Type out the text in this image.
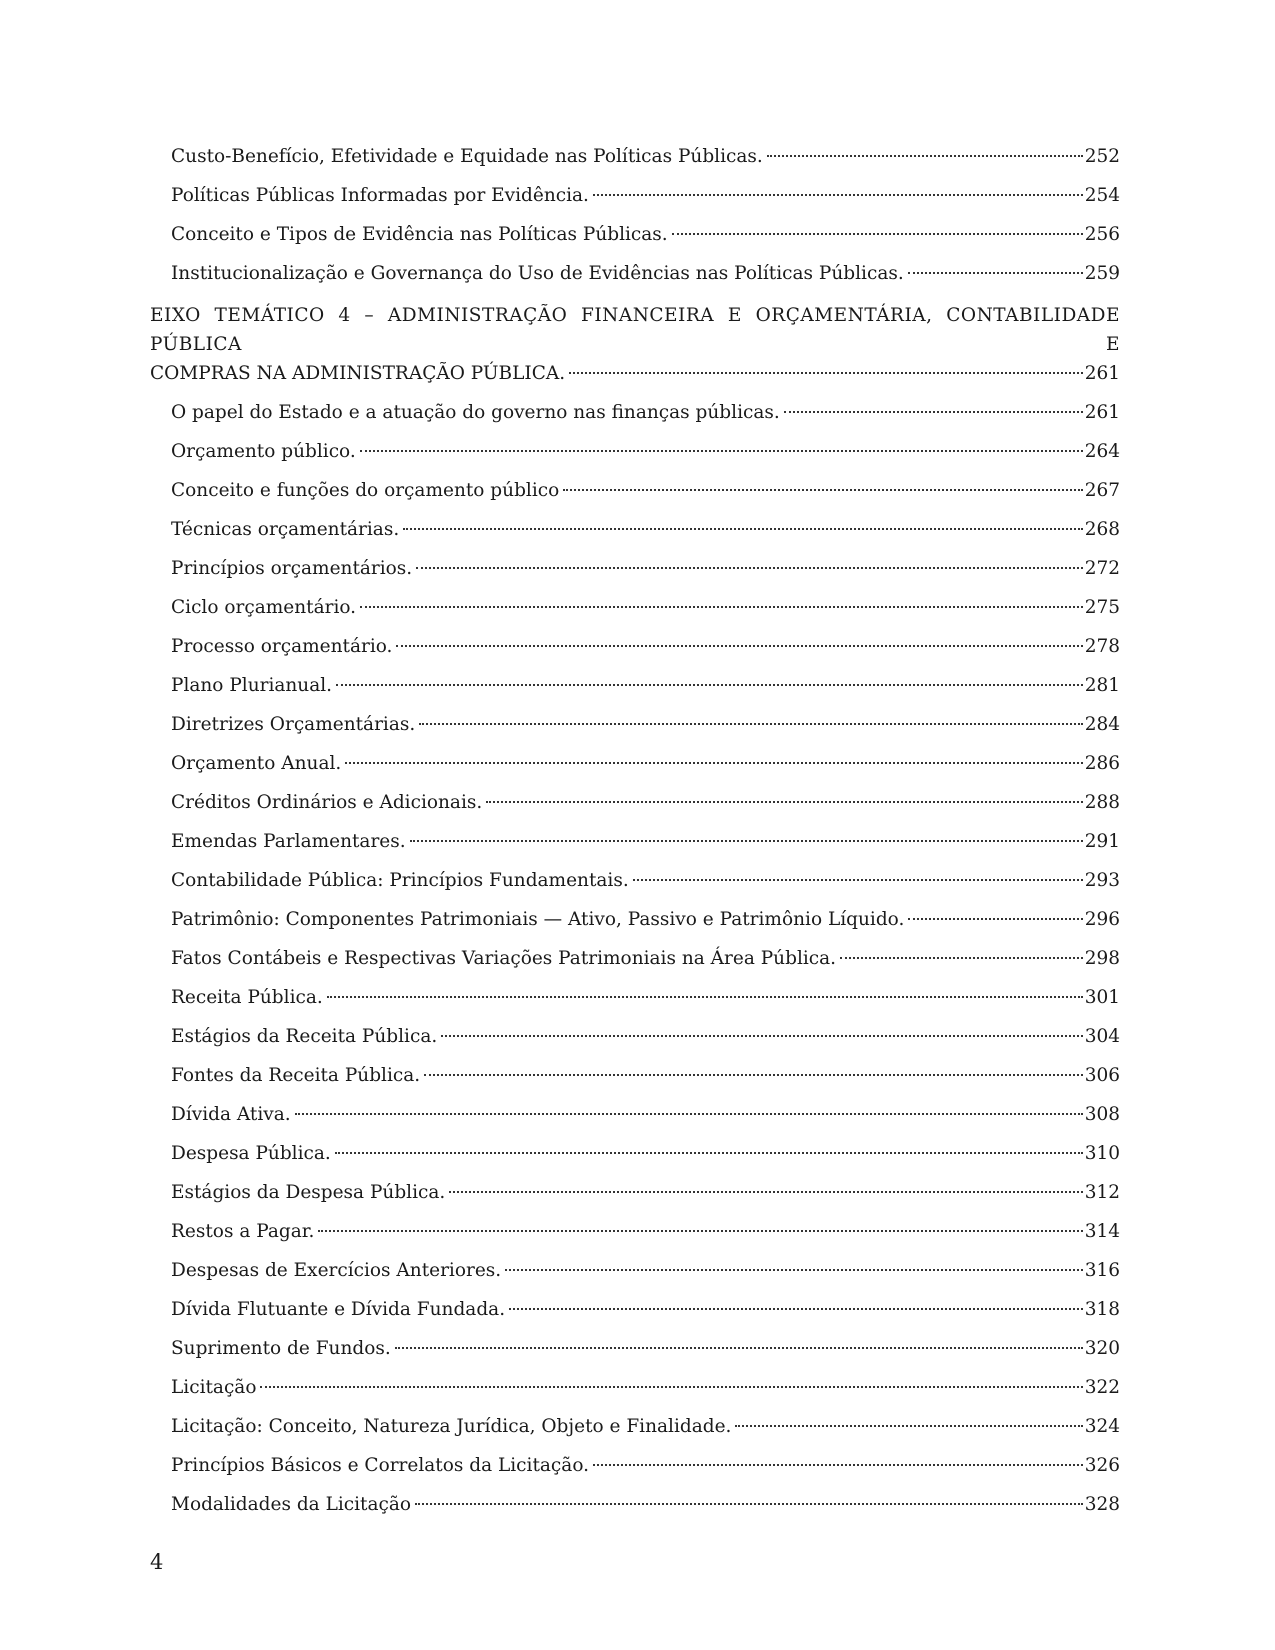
Custo-Benefício, Efetividade e Equidade nas Políticas Públicas.	252
Políticas Públicas Informadas por Evidência.	254
Conceito e Tipos de Evidência nas Políticas Públicas.	256
Institucionalização e Governança do Uso de Evidências nas Políticas Públicas.	259
EIXO TEMÁTICO 4 – ADMINISTRAÇÃO FINANCEIRA E ORÇAMENTÁRIA, CONTABILIDADE PÚBLICA E
COMPRAS NA ADMINISTRAÇÃO PÚBLICA.	261
O papel do Estado e a atuação do governo nas finanças públicas.	261
Orçamento público.	264
Conceito e funções do orçamento público	267
Técnicas orçamentárias.	268
Princípios orçamentários.	272
Ciclo orçamentário.	275
Processo orçamentário.	278
Plano Plurianual.	281
Diretrizes Orçamentárias.	284
Orçamento Anual.	286
Créditos Ordinários e Adicionais.	288
Emendas Parlamentares.	291
Contabilidade Pública: Princípios Fundamentais.	293
Patrimônio: Componentes Patrimoniais — Ativo, Passivo e Patrimônio Líquido.	296
Fatos Contábeis e Respectivas Variações Patrimoniais na Área Pública.	298
Receita Pública.	301
Estágios da Receita Pública.	304
Fontes da Receita Pública.	306
Dívida Ativa.	308
Despesa Pública.	310
Estágios da Despesa Pública.	312
Restos a Pagar.	314
Despesas de Exercícios Anteriores.	316
Dívida Flutuante e Dívida Fundada.	318
Suprimento de Fundos.	320
Licitação	322
Licitação: Conceito, Natureza Jurídica, Objeto e Finalidade.	324
Princípios Básicos e Correlatos da Licitação.	326
Modalidades da Licitação	328
4
